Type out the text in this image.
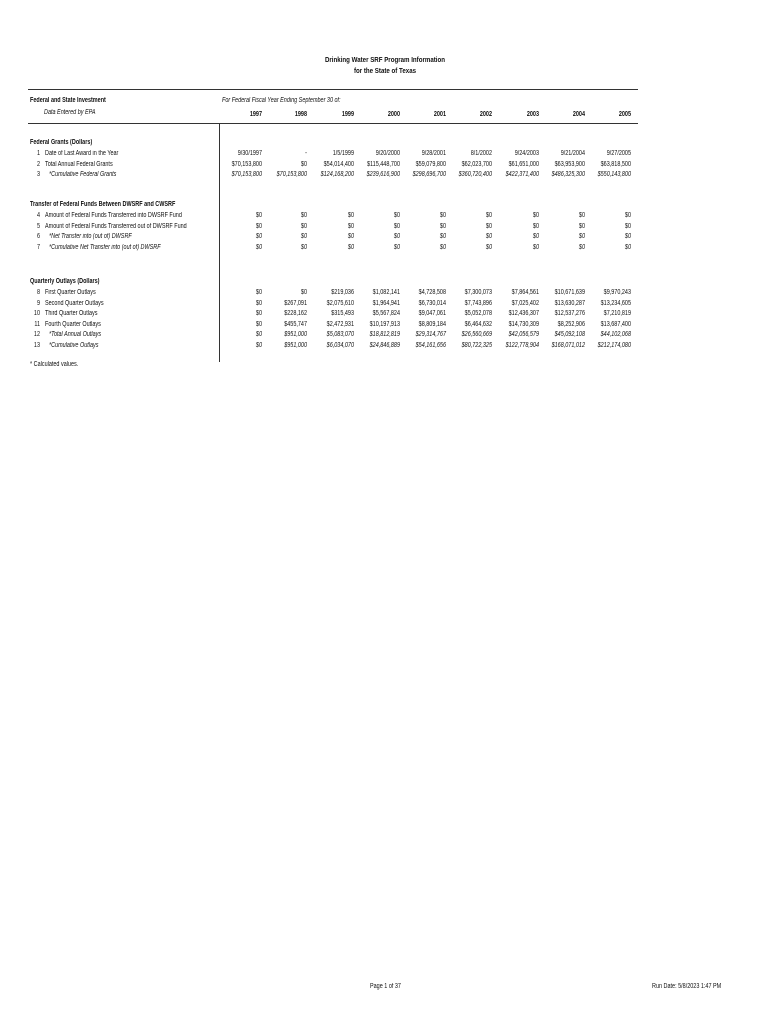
Drinking Water SRF Program Information
for the State of Texas
Federal and State Investment
Data Entered by EPA
For Federal Fiscal Year Ending September 30 of:
1997	1998	1999	2000	2001	2002	2003	2004	2005
Federal Grants (Dollars)
1 Date of Last Award in the Year	9/30/1997	-	1/5/1999	9/20/2000	9/28/2001	8/1/2002	9/24/2003	9/21/2004	9/27/2005
2 Total Annual Federal Grants	$70,153,800	$0	$54,014,400	$115,448,700	$59,079,800	$62,023,700	$61,651,000	$63,953,900	$63,818,500
3 *Cumulative Federal Grants	$70,153,800	$70,153,800	$124,168,200	$239,616,900	$298,696,700	$360,720,400	$422,371,400	$486,325,300	$550,143,800
Transfer of Federal Funds Between DWSRF and CWSRF
4 Amount of Federal Funds Transferred into DWSRF Fund	$0	$0	$0	$0	$0	$0	$0	$0	$0
5 Amount of Federal Funds Transferred out of DWSRF Fund	$0	$0	$0	$0	$0	$0	$0	$0	$0
6 *Net Transfer into (out of) DWSRF	$0	$0	$0	$0	$0	$0	$0	$0	$0
7 *Cumulative Net Transfer into (out of) DWSRF	$0	$0	$0	$0	$0	$0	$0	$0	$0
Quarterly Outlays (Dollars)
8 First Quarter Outlays	$0	$0	$219,036	$1,082,141	$4,728,508	$7,300,073	$7,864,561	$10,671,639	$9,970,243
9 Second Quarter Outlays	$0	$267,091	$2,075,610	$1,964,941	$6,730,014	$7,743,896	$7,025,402	$13,630,287	$13,234,605
10 Third Quarter Outlays	$0	$228,162	$315,493	$5,567,824	$9,047,061	$5,052,078	$12,436,307	$12,537,276	$7,210,819
11 Fourth Quarter Outlays	$0	$455,747	$2,472,931	$10,197,913	$8,809,184	$6,464,632	$14,730,309	$8,252,906	$13,687,400
12 *Total Annual Outlays	$0	$951,000	$5,083,070	$18,812,819	$29,314,767	$26,560,669	$42,056,579	$45,092,108	$44,102,068
13 *Cumulative Outlays	$0	$951,000	$6,034,070	$24,846,889	$54,161,656	$80,722,325	$122,778,904	$168,071,012	$212,174,080
* Calculated values.
Page 1 of 37	Run Date: 5/8/2023 1:47 PM
